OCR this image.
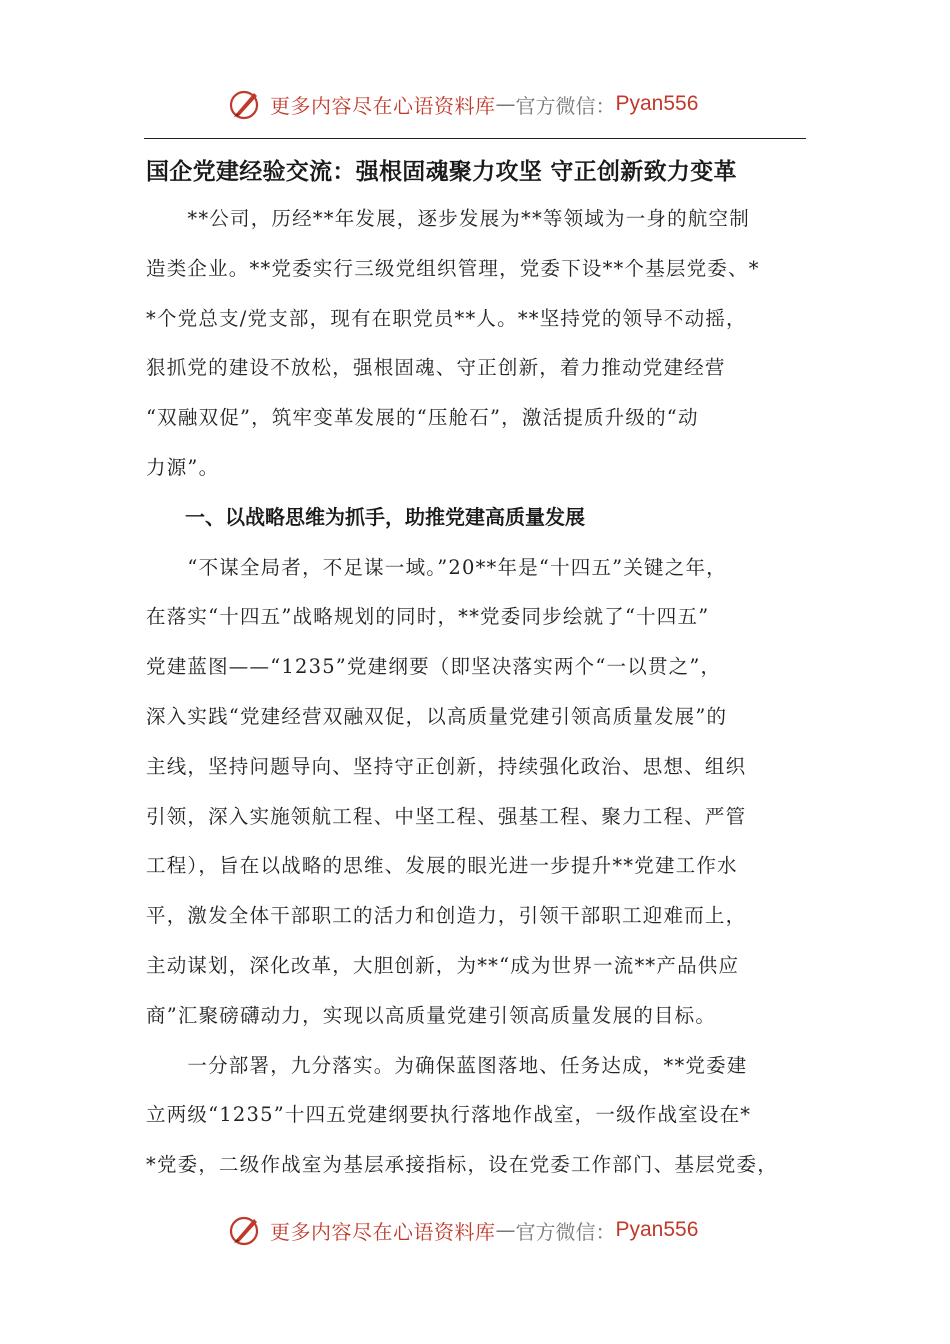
更多内容尽在心语资料库 — 官方微信： Pyan556
国企党建经验交流：强根固魂聚力攻坚 守正创新致力变革
　　**公司，历经**年发展，逐步发展为**等领域为一身的航空制
造类企业。**党委实行三级党组织管理，党委下设**个基层党委、*
*个党总支/党支部，现有在职党员**人。**坚持党的领导不动摇，
狠抓党的建设不放松，强根固魂、守正创新，着力推动党建经营
“双融双促”，筑牢变革发展的“压舱石”，激活提质升级的“动
力源”。
一、以战略思维为抓手，助推党建高质量发展
　　“不谋全局者，不足谋一域。”20**年是“十四五”关键之年，
在落实“十四五”战略规划的同时，**党委同步绘就了“十四五”
党建蓝图——“1235”党建纲要（即坚决落实两个“一以贯之”，
深入实践“党建经营双融双促，以高质量党建引领高质量发展”的
主线，坚持问题导向、坚持守正创新，持续强化政治、思想、组织
引领，深入实施领航工程、中坚工程、强基工程、聚力工程、严管
工程），旨在以战略的思维、发展的眼光进一步提升**党建工作水
平，激发全体干部职工的活力和创造力，引领干部职工迎难而上，
主动谋划，深化改革，大胆创新，为**“成为世界一流**产品供应
商”汇聚磅礴动力，实现以高质量党建引领高质量发展的目标。
　　一分部署，九分落实。为确保蓝图落地、任务达成，**党委建
立两级“1235”十四五党建纲要执行落地作战室，一级作战室设在*
*党委，二级作战室为基层承接指标，设在党委工作部门、基层党委，
更多内容尽在心语资料库 — 官方微信： Pyan556
